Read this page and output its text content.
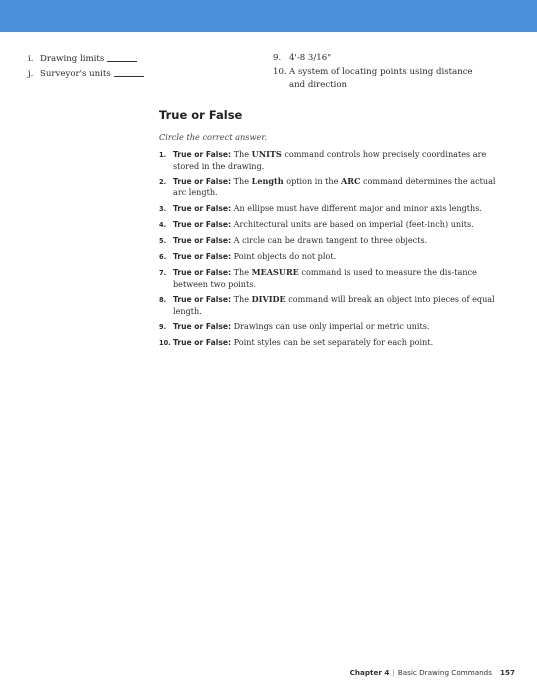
i. Drawing limits
j. Surveyor's units
9. 4'-8 3/16"
10. A system of locating points using distance and direction
True or False
Circle the correct answer.
1. True or False: The UNITS command controls how precisely coordinates are stored in the drawing.
2. True or False: The Length option in the ARC command determines the actual arc length.
3. True or False: An ellipse must have different major and minor axis lengths.
4. True or False: Architectural units are based on imperial (feet-inch) units.
5. True or False: A circle can be drawn tangent to three objects.
6. True or False: Point objects do not plot.
7. True or False: The MEASURE command is used to measure the dis-tance between two points.
8. True or False: The DIVIDE command will break an object into pieces of equal length.
9. True or False: Drawings can use only imperial or metric units.
10. True or False: Point styles can be set separately for each point.
Chapter 4 | Basic Drawing Commands 157
